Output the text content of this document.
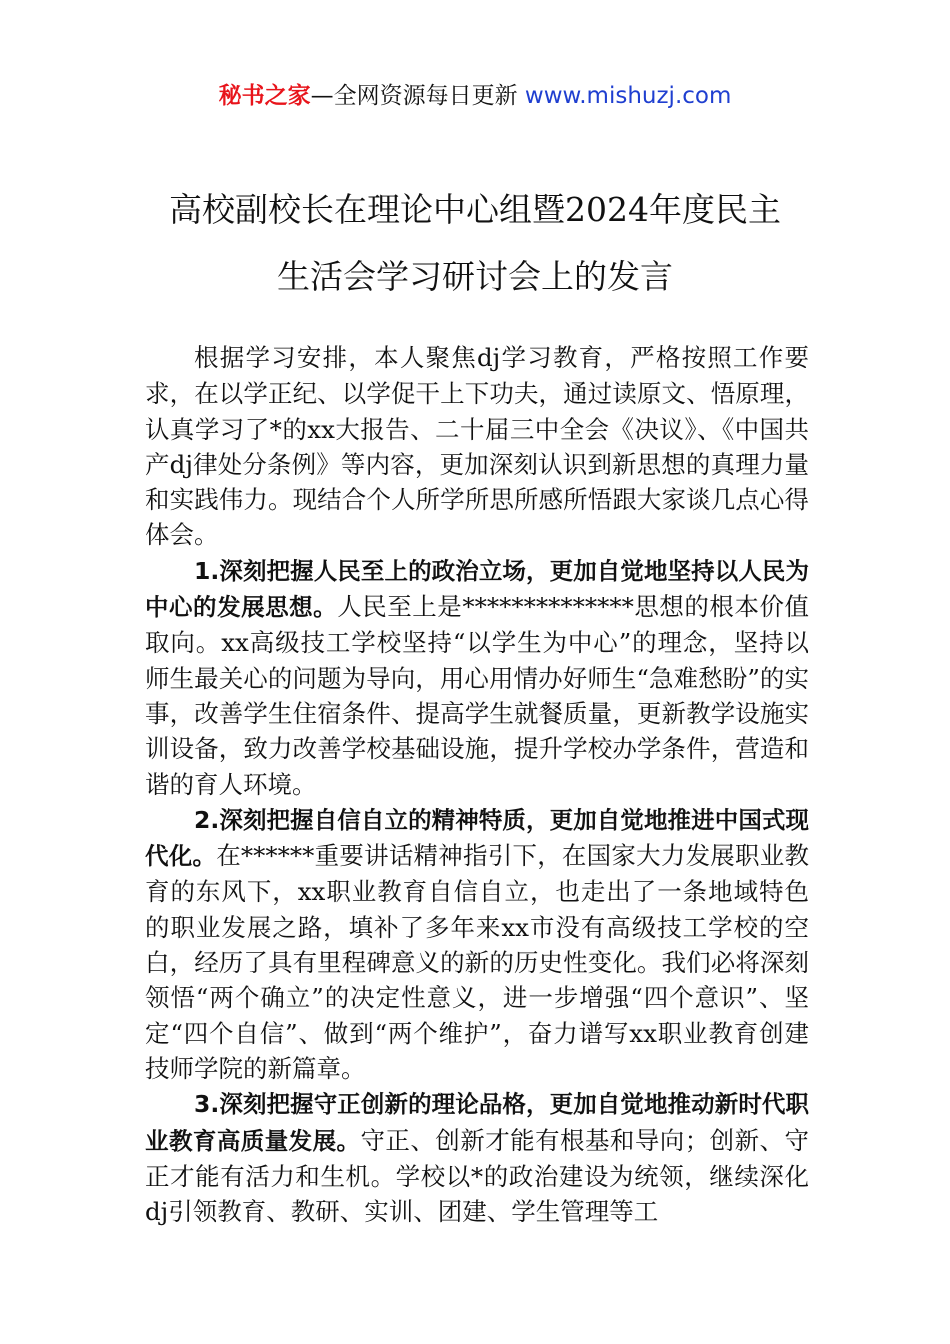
秘书之家—全网资源每日更新 www.mishuzj.com
高校副校长在理论中心组暨2024年度民主
生活会学习研讨会上的发言

根据学习安排，本人聚焦dj学习教育，严格按照工作要求，在以学正纪、以学促干上下功夫，通过读原文、悟原理，认真学习了*的xx大报告、二十届三中全会《决议》、《中国共产dj律处分条例》等内容，更加深刻认识到新思想的真理力量和实践伟力。现结合个人所学所思所感所悟跟大家谈几点心得体会。

1.深刻把握人民至上的政治立场，更加自觉地坚持以人民为中心的发展思想。人民至上是**************思想的根本价值取向。xx高级技工学校坚持“以学生为中心”的理念，坚持以师生最关心的问题为导向，用心用情办好师生“急难愁盼”的实事，改善学生住宿条件、提高学生就餐质量，更新教学设施实训设备，致力改善学校基础设施，提升学校办学条件，营造和谐的育人环境。

2.深刻把握自信自立的精神特质，更加自觉地推进中国式现代化。在******重要讲话精神指引下，在国家大力发展职业教育的东风下，xx职业教育自信自立，也走出了一条地域特色的职业发展之路，填补了多年来xx市没有高级技工学校的空白，经历了具有里程碑意义的新的历史性变化。我们必将深刻领悟“两个确立”的决定性意义，进一步增强“四个意识”、坚定“四个自信”、做到“两个维护”，奋力谱写xx职业教育创建技师学院的新篇章。

3.深刻把握守正创新的理论品格，更加自觉地推动新时代职业教育高质量发展。守正、创新才能有根基和导向；创新、守正才能有活力和生机。学校以*的政治建设为统领，继续深化dj引领教育、教研、实训、团建、学生管理等工
